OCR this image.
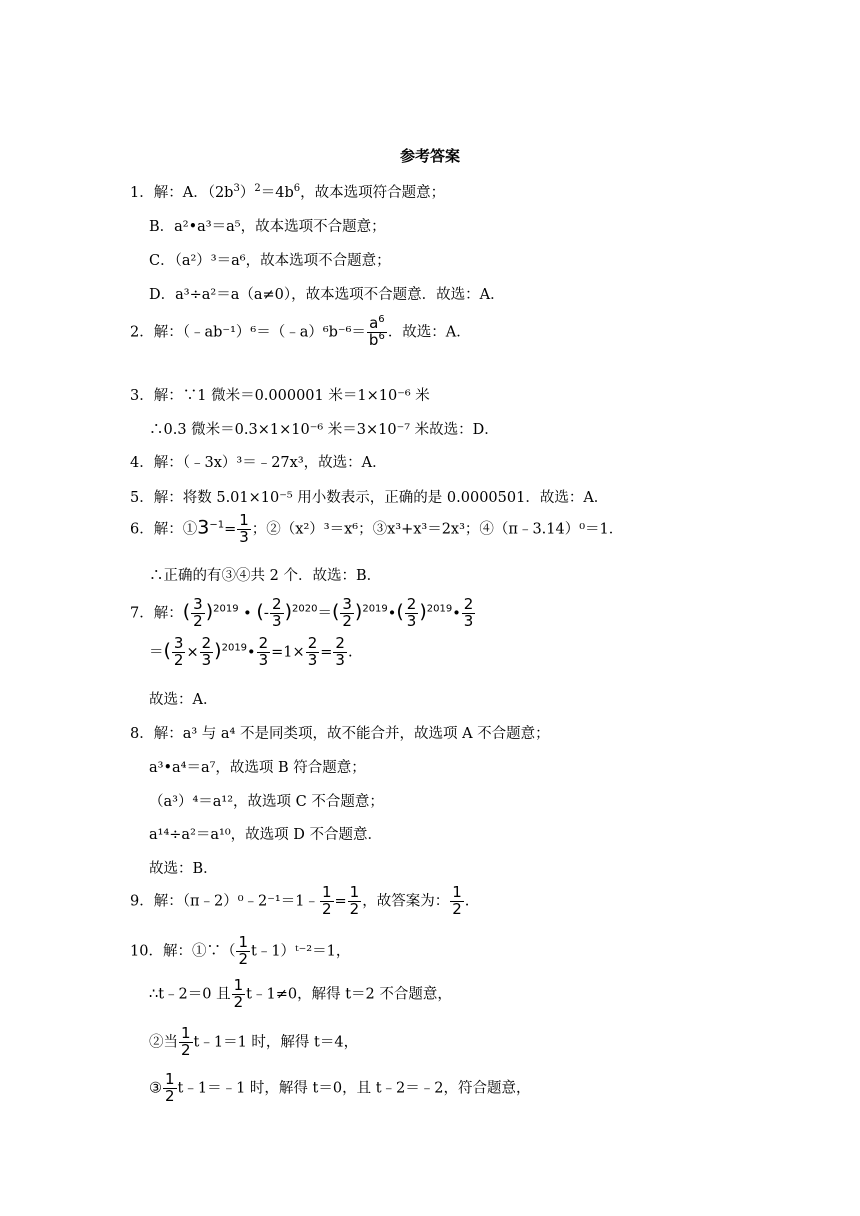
参考答案
1．解：A．$(2b^3)^2=4b^6$，故本选项符合题意；
B．a²•a³＝a⁵，故本选项不合题意；
C．（a²）³＝a⁶，故本选项不合题意；
D．a³÷a²＝a（a≠0），故本选项不合题意．故选：A．
2．解：（﹣ab⁻¹）⁶＝（﹣a）⁶b⁻⁶＝ $\frac{a^6}{b^6}$ ．故选：A．
3．解：∵1 微米＝0.000001 米＝1×10⁻⁶ 米
∴0.3 微米＝0.3×1×10⁻⁶ 米＝3×10⁻⁷ 米故选：D．
4．解：（﹣3x）³＝﹣27x³，故选：A．
5．解：将数 5.01×10⁻⁵ 用小数表示，正确的是 0.0000501．故选：A．
6．解：$①3^{-1}= \frac{1}{3}$ ；②（x²）³＝x⁶；③x³+x³＝2x³；④（π﹣3.14）⁰＝1．
∴正确的有③④共 2 个．故选：B．
7．解：( $\frac{3}{2} )^{2019}$ • (- $\frac{2}{3} )^{2020}=( \frac{3}{2}$ )$^{2019}•( \frac{2}{3}$ )$^{2019}$• $\frac{2}{3}$
＝( $\frac{3}{2} \times \frac{2}{3}$ )$^{2019}$• $\frac{2}{3} =1\times \frac{2}{3} = \frac{2}{3}$ .
故选：A．
8．解：a³ 与 a⁴ 不是同类项，故不能合并，故选项 A 不合题意；
a³•a⁴＝a⁷，故选项 B 符合题意；
（a³）⁴＝a¹²，故选项 C 不合题意；
a¹⁴÷a²＝a¹⁰，故选项 D 不合题意．
故选：B．
9．解：（π﹣2）⁰﹣2⁻¹＝1﹣ $\frac{1}{2} = \frac{1}{2}$ ，故答案为： $\frac{1}{2}$ .
10．解：①∵（ $\frac{1}{2}$ t﹣1）ᵗ⁻²＝1，
∴t﹣2＝0 且 $\frac{1}{2}$ t﹣1≠0，解得 t＝2 不合题意，
②当 $\frac{1}{2}$ t﹣1＝1 时，解得 t＝4，
③ $\frac{1}{2}$ t﹣1＝﹣1 时，解得 t＝0，且 t﹣2＝﹣2，符合题意，
